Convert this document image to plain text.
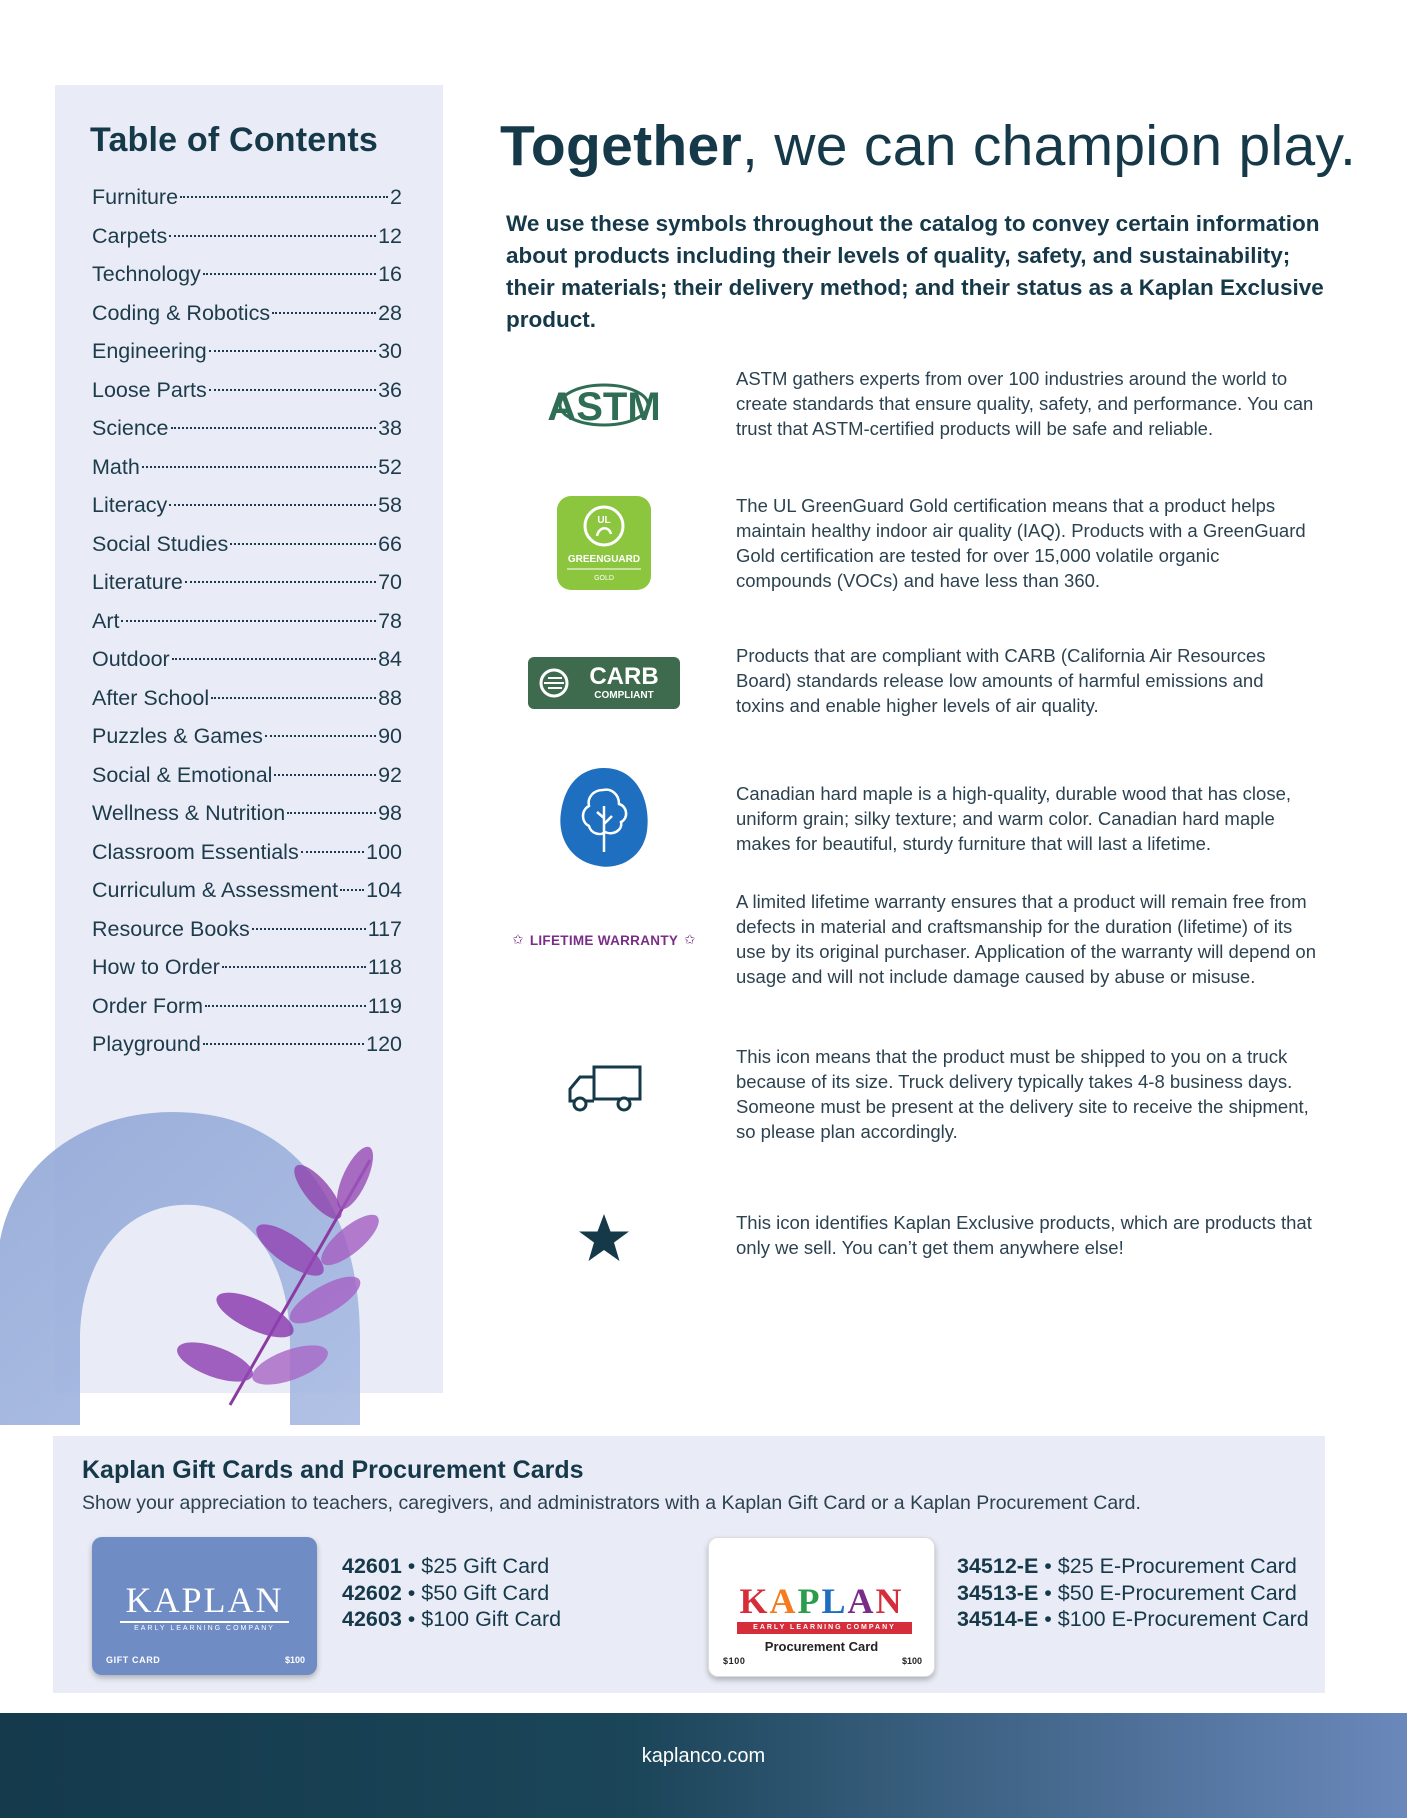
Table of Contents
Furniture	2
Carpets	12
Technology	16
Coding & Robotics	28
Engineering	30
Loose Parts	36
Science	38
Math	52
Literacy	58
Social Studies	66
Literature	70
Art	78
Outdoor	84
After School	88
Puzzles & Games	90
Social & Emotional	92
Wellness & Nutrition	98
Classroom Essentials	100
Curriculum & Assessment 104
Resource Books	117
How to Order	118
Order Form	119
Playground	120
Together, we can champion play.

We use these symbols throughout the catalog to convey certain information about products including their levels of quality, safety, and sustainability; their materials; their delivery method; and their status as a Kaplan Exclusive product.

ASTM

ASTM gathers experts from over 100 industries around the world to create standards that ensure quality, safety, and performance. You can trust that ASTM-certified products will be safe and reliable.

UL
GREENGUARD
GOLD

The UL GreenGuard Gold certification means that a product helps maintain healthy indoor air quality (IAQ). Products with a GreenGuard Gold certification are tested for over 15,000 volatile organic compounds (VOCs) and have less than 360.

CARB
COMPLIANT

Products that are compliant with CARB (California Air Resources Board) standards release low amounts of harmful emissions and toxins and enable higher levels of air quality.

Canadian hard maple is a high-quality, durable wood that has close, uniform grain; silky texture; and warm color. Canadian hard maple makes for beautiful, sturdy furniture that will last a lifetime.

✩ LIFETIME WARRANTY ✩

A limited lifetime warranty ensures that a product will remain free from defects in material and craftsmanship for the duration (lifetime) of its use by its original purchaser. Application of the warranty will depend on usage and will not include damage caused by abuse or misuse.

This icon means that the product must be shipped to you on a truck because of its size. Truck delivery typically takes 4-8 business days. Someone must be present at the delivery site to receive the shipment, so please plan accordingly.

This icon identifies Kaplan Exclusive products, which are products that only we sell. You can’t get them anywhere else!

Kaplan Gift Cards and Procurement Cards

Show your appreciation to teachers, caregivers, and administrators with a Kaplan Gift Card or a Kaplan Procurement Card.

KAPLAN
EARLY LEARNING COMPANY
GIFT CARD	$100
42601 • $25 Gift Card
42602 • $50 Gift Card
42603 • $100 Gift Card	KAPLAN
EARLY LEARNING COMPANY
Procurement Card
$100	$100
34512-E • $25 E-Procurement Card
34513-E • $50 E-Procurement Card
34514-E • $100 E-Procurement Card
kaplanco.com
